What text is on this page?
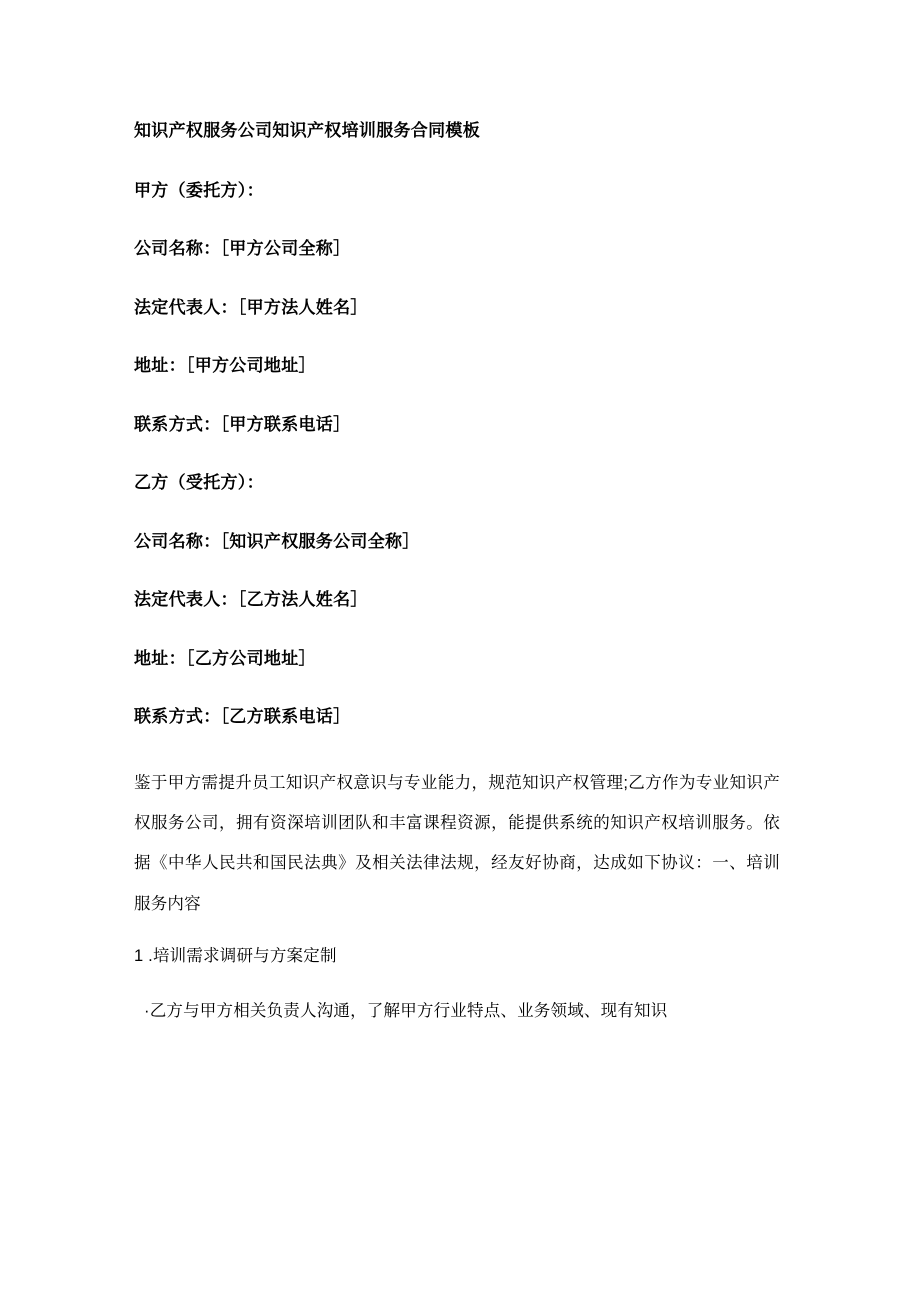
知识产权服务公司知识产权培训服务合同模板

甲方（委托方）：

公司名称：［甲方公司全称］

法定代表人：［甲方法人姓名］

地址：［甲方公司地址］

联系方式：［甲方联系电话］

乙方（受托方）：

公司名称：［知识产权服务公司全称］

法定代表人：［乙方法人姓名］

地址：［乙方公司地址］

联系方式：［乙方联系电话］

鉴于甲方需提升员工知识产权意识与专业能力，规范知识产权管理;乙方作为专业知识产权服务公司，拥有资深培训团队和丰富课程资源，能提供系统的知识产权培训服务。依据《中华人民共和国民法典》及相关法律法规，经友好协商，达成如下协议：一、培训服务内容

1 .培训需求调研与方案定制

·乙方与甲方相关负责人沟通，了解甲方行业特点、业务领域、现有知识
